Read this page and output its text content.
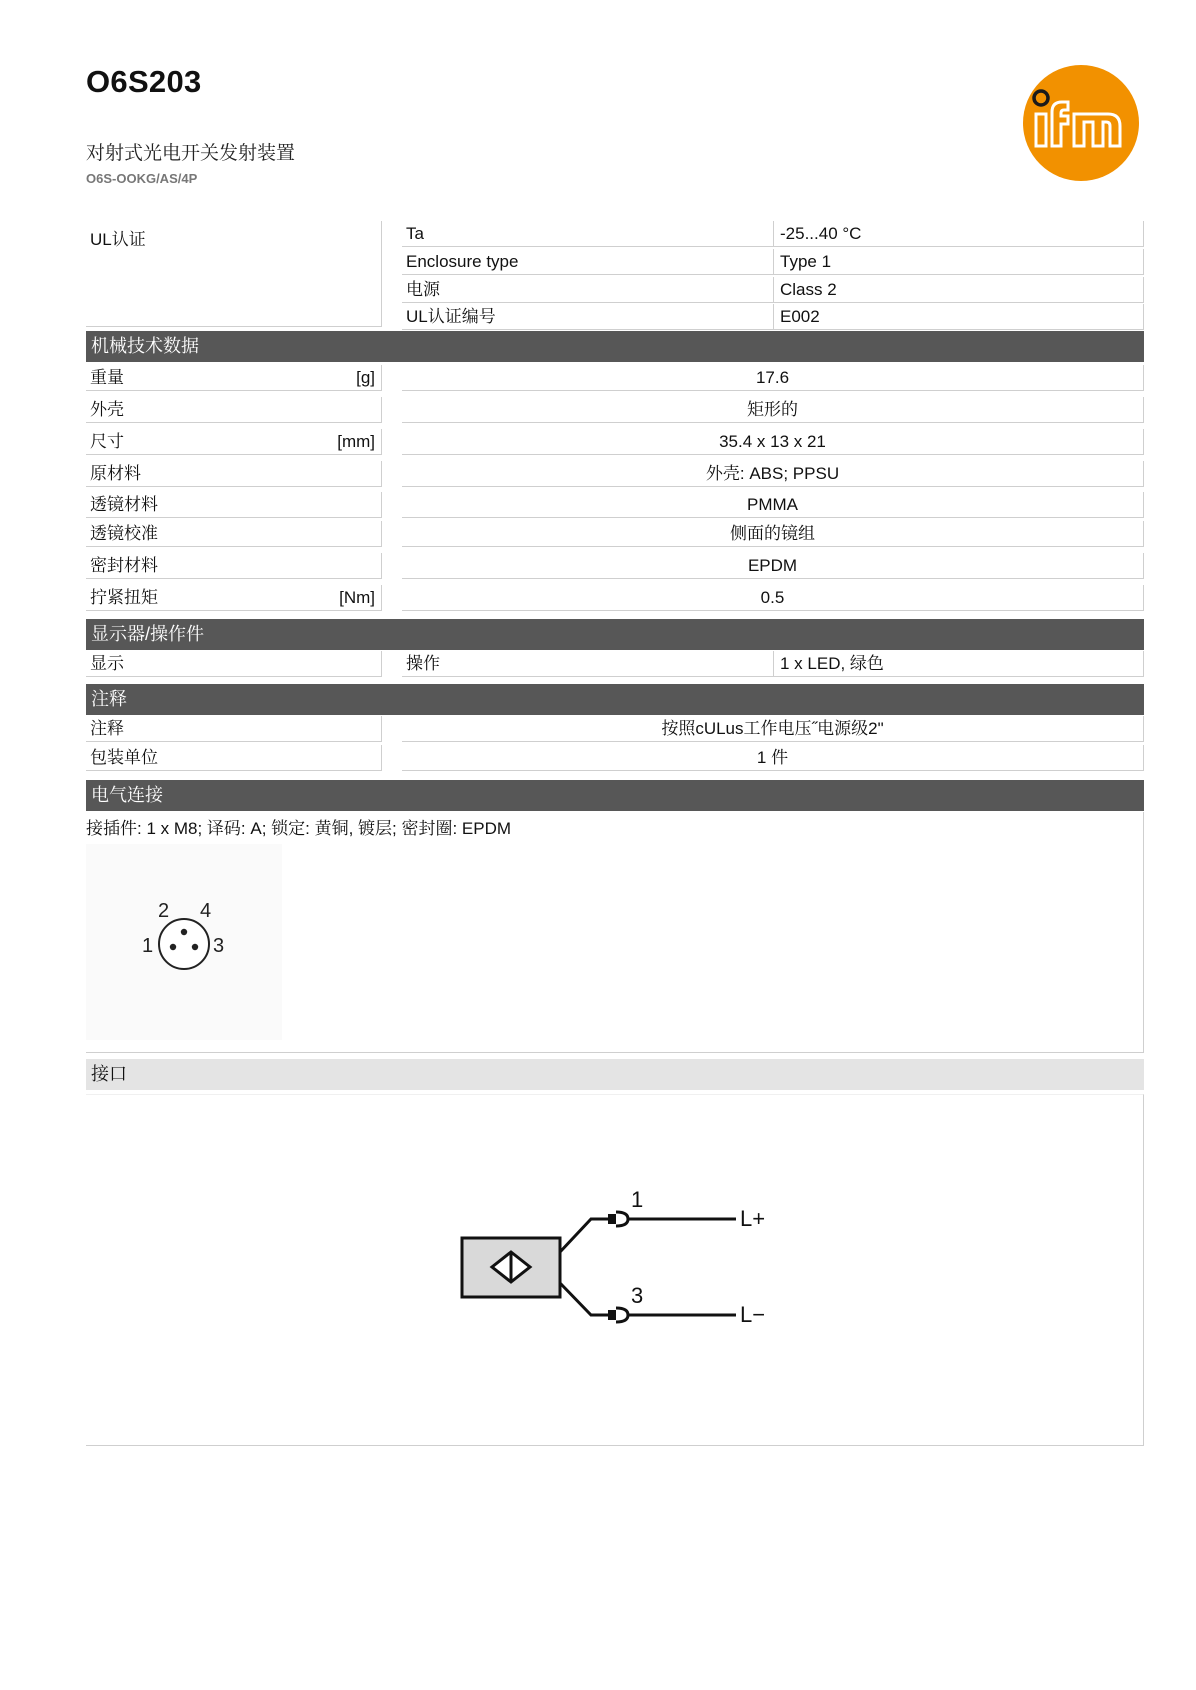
O6S203
对射式光电开关发射装置
O6S-OOKG/AS/4P
UL认证	Ta	-25...40 °C
Enclosure type	Type 1
电源	Class 2
UL认证编号	E002
机械技术数据
重量	[g]	17.6
外壳	矩形的
尺寸	[mm]	35.4 x 13 x 21
原材料	外壳: ABS; PPSU
透镜材料	PMMA
透镜校准	侧面的镜组
密封材料	EPDM
拧紧扭矩	[Nm]	0.5
显示器/操作件
显示	操作	1 x LED, 绿色
注释
注释	按照cULus工作电压˝电源级2"
包装单位	1 件
电气连接
接插件: 1 x M8; 译码: A; 锁定: 黄铜, 镀层; 密封圈: EPDM
2 4
1	3
接口
1
3
L+
L−
